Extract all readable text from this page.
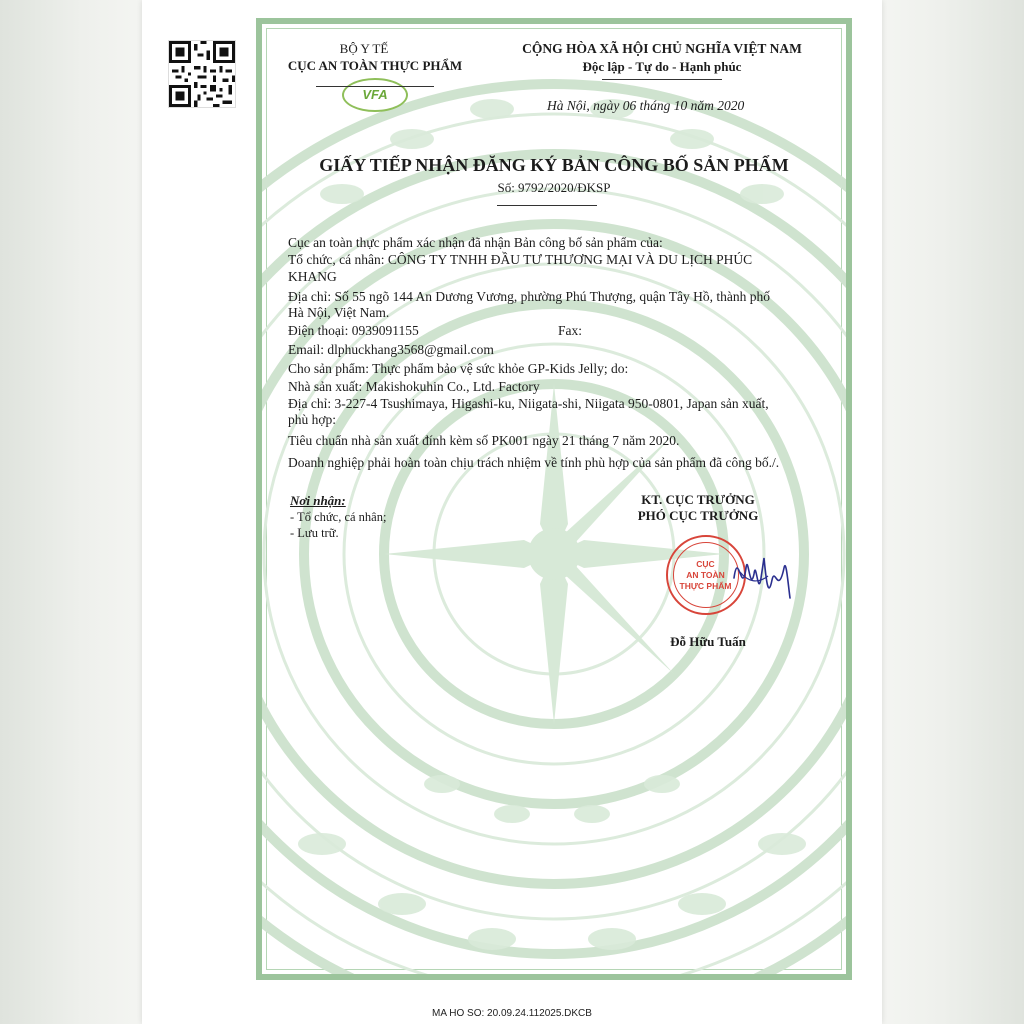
BỘ Y TẾ
CỤC AN TOÀN THỰC PHẨM
VFA
CỘNG HÒA XÃ HỘI CHỦ NGHĨA VIỆT NAM
Độc lập - Tự do - Hạnh phúc
Hà Nội, ngày 06 tháng 10 năm 2020
GIẤY TIẾP NHẬN ĐĂNG KÝ BẢN CÔNG BỐ SẢN PHẨM
Số: 9792/2020/ĐKSP
Cục an toàn thực phẩm xác nhận đã nhận Bản công bố sản phẩm của:
Tổ chức, cá nhân: CÔNG TY TNHH ĐẦU TƯ THƯƠNG MẠI VÀ DU LỊCH PHÚC
KHANG
Địa chỉ: Số 55 ngõ 144 An Dương Vương, phường Phú Thượng, quận Tây Hồ, thành phố
Hà Nội, Việt Nam.
Điện thoại: 0939091155	Fax:
Email: dlphuckhang3568@gmail.com
Cho sản phẩm: Thực phẩm bảo vệ sức khỏe GP-Kids Jelly; do:
Nhà sản xuất: Makishokuhin Co., Ltd. Factory
Địa chỉ: 3-227-4 Tsushimaya, Higashi-ku, Niigata-shi, Niigata 950-0801, Japan sản xuất,
phù hợp:
Tiêu chuẩn nhà sản xuất đính kèm số PK001 ngày 21 tháng 7 năm 2020.
Doanh nghiệp phải hoàn toàn chịu trách nhiệm về tính phù hợp của sản phẩm đã công bố./.
Nơi nhận:
- Tổ chức, cá nhân;
- Lưu trữ.
KT. CỤC TRƯỞNG
PHÓ CỤC TRƯỞNG
CỤC
AN TOÀN
THỰC PHẨM
Đỗ Hữu Tuấn
MA HO SO: 20.09.24.112025.DKCB
